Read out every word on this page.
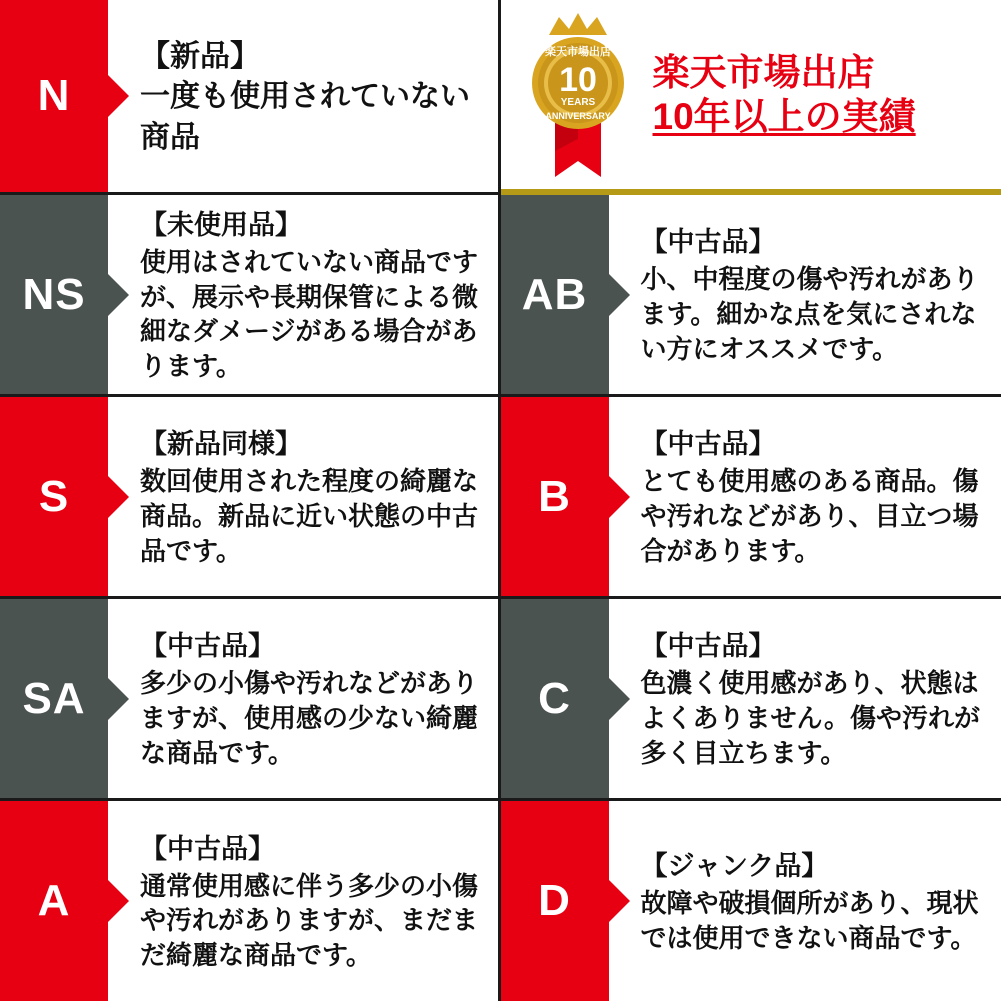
N
【新品】
一度も使用されていない商品
楽天市場出店
10
YEARS
ANNIVERSARY
楽天市場出店
10年以上の実績
NS
【未使用品】
使用はされていない商品ですが、展示や長期保管による微細なダメージがある場合があります。
AB
【中古品】
小、中程度の傷や汚れがあります。細かな点を気にされない方にオススメです。
S
【新品同様】
数回使用された程度の綺麗な商品。新品に近い状態の中古品です。
B
【中古品】
とても使用感のある商品。傷や汚れなどがあり、目立つ場合があります。
SA
【中古品】
多少の小傷や汚れなどがありますが、使用感の少ない綺麗な商品です。
C
【中古品】
色濃く使用感があり、状態はよくありません。傷や汚れが多く目立ちます。
A
【中古品】
通常使用感に伴う多少の小傷や汚れがありますが、まだまだ綺麗な商品です。
D
【ジャンク品】
故障や破損個所があり、現状では使用できない商品です。
